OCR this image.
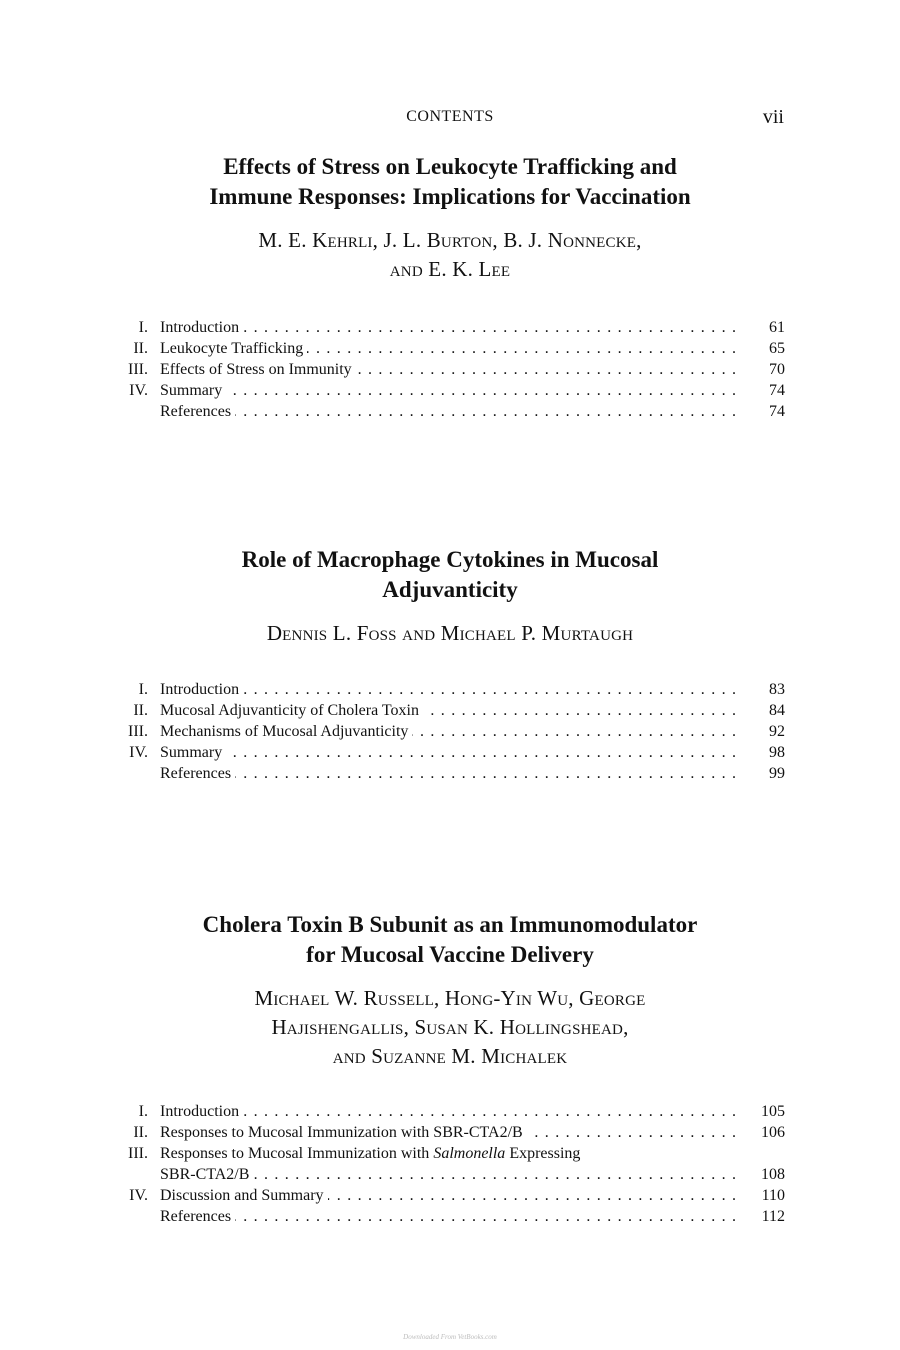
CONTENTS	vii
Effects of Stress on Leukocyte Trafficking and
Immune Responses: Implications for Vaccination
M. E. Kehrli, J. L. Burton, B. J. Nonnecke,
and E. K. Lee
I. Introduction . . .	61
II. Leukocyte Trafficking . . .	65
III. Effects of Stress on Immunity . . .	70
IV. Summary . . .	74
References . . .	74
Role of Macrophage Cytokines in Mucosal
Adjuvanticity
Dennis L. Foss and Michael P. Murtaugh
I. Introduction . . .	83
II. Mucosal Adjuvanticity of Cholera Toxin . . .	84
III. Mechanisms of Mucosal Adjuvanticity . . .	92
IV. Summary . . .	98
References . . .	99
Cholera Toxin B Subunit as an Immunomodulator
for Mucosal Vaccine Delivery
Michael W. Russell, Hong-Yin Wu, George
Hajishengallis, Susan K. Hollingshead,
and Suzanne M. Michalek
I. Introduction . . .	105
II. Responses to Mucosal Immunization with SBR-CTA2/B . . .	106
III. Responses to Mucosal Immunization with Salmonella Expressing
SBR-CTA2/B . . .	108
IV. Discussion and Summary . . .	110
References . . .	112
Downloaded From VetBooks.com
